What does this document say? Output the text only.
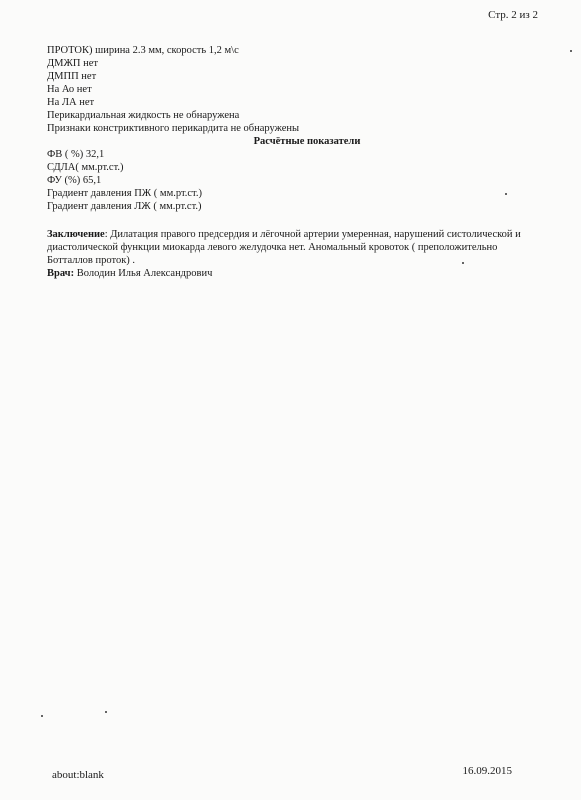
Стр. 2 из 2
ПРОТОК) ширина 2.3 мм, скорость 1,2 м\с
ДМЖП нет
ДМПП нет
На Ао нет
На ЛА нет
Перикардиальная жидкость не обнаружена
Признаки констриктивного перикардита не обнаружены
Расчётные показатели
ФВ ( %) 32,1
СДЛА( мм.рт.ст.)
ФУ (%) 65,1
Градиент давления ПЖ ( мм.рт.ст.)
Градиент давления ЛЖ ( мм.рт.ст.)
Заключение: Дилатация правого предсердия и лёгочной артерии умеренная, нарушений систолической и диастолической функции миокарда левого желудочка нет. Аномальный кровоток ( преположительно Ботталлов проток) .
Врач: Володин Илья Александрович
about:blank	16.09.2015
